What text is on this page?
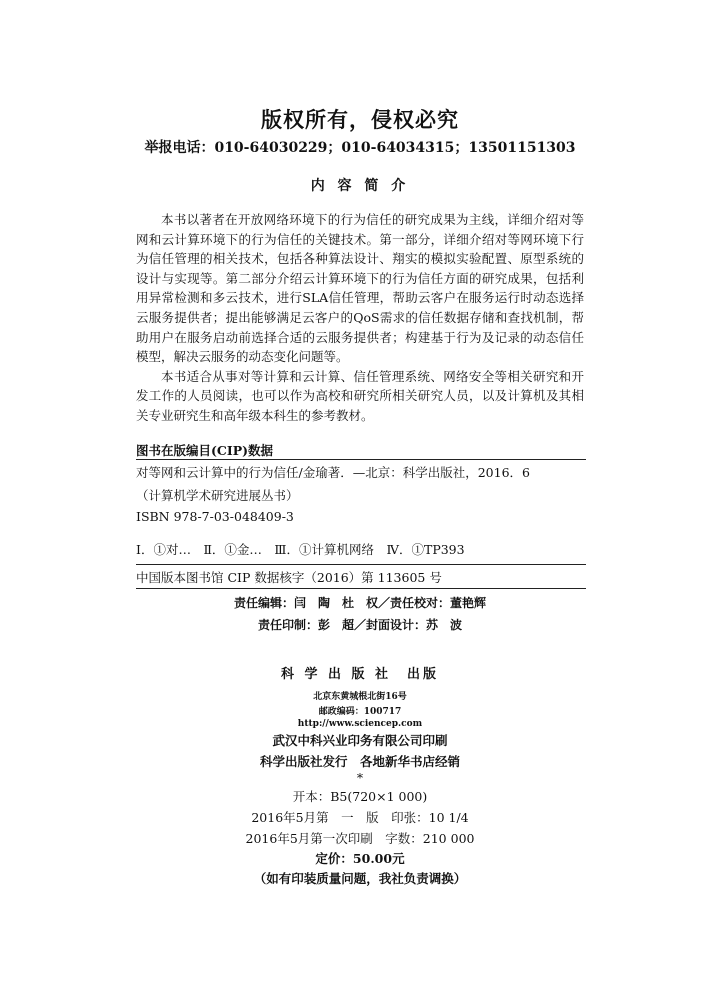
版权所有，侵权必究
举报电话：010-64030229；010-64034315；13501151303
内 容 简 介

本书以著者在开放网络环境下的行为信任的研究成果为主线，详细介绍对等网和云计算环境下的行为信任的关键技术。第一部分，详细介绍对等网环境下行为信任管理的相关技术，包括各种算法设计、翔实的模拟实验配置、原型系统的设计与实现等。第二部分介绍云计算环境下的行为信任方面的研究成果，包括利用异常检测和多云技术，进行SLA信任管理，帮助云客户在服务运行时动态选择云服务提供者；提出能够满足云客户的QoS需求的信任数据存储和查找机制，帮助用户在服务启动前选择合适的云服务提供者；构建基于行为及记录的动态信任模型，解决云服务的动态变化问题等。

本书适合从事对等计算和云计算、信任管理系统、网络安全等相关研究和开发工作的人员阅读，也可以作为高校和研究所相关研究人员，以及计算机及其相关专业研究生和高年级本科生的参考教材。

图书在版编目(CIP)数据
对等网和云计算中的行为信任/金瑜著．—北京：科学出版社，2016．6
（计算机学术研究进展丛书）
ISBN 978-7-03-048409-3
Ⅰ．①对…　Ⅱ．①金…　Ⅲ．①计算机网络　Ⅳ．①TP393
中国版本图书馆 CIP 数据核字（2016）第 113605 号
责任编辑：闫　陶　杜　权／责任校对：董艳辉
责任印制：彭　超／封面设计：苏　波
科 学 出 版 社　出版
北京东黄城根北街16号
邮政编码：100717
http://www.sciencep.com
武汉中科兴业印务有限公司印刷
科学出版社发行　各地新华书店经销
*
开本：B5(720×1 000)
2016年5月第　一　版　印张：10 1/4
2016年5月第一次印刷　字数：210 000
定价：50.00元
（如有印装质量问题，我社负责调换）
